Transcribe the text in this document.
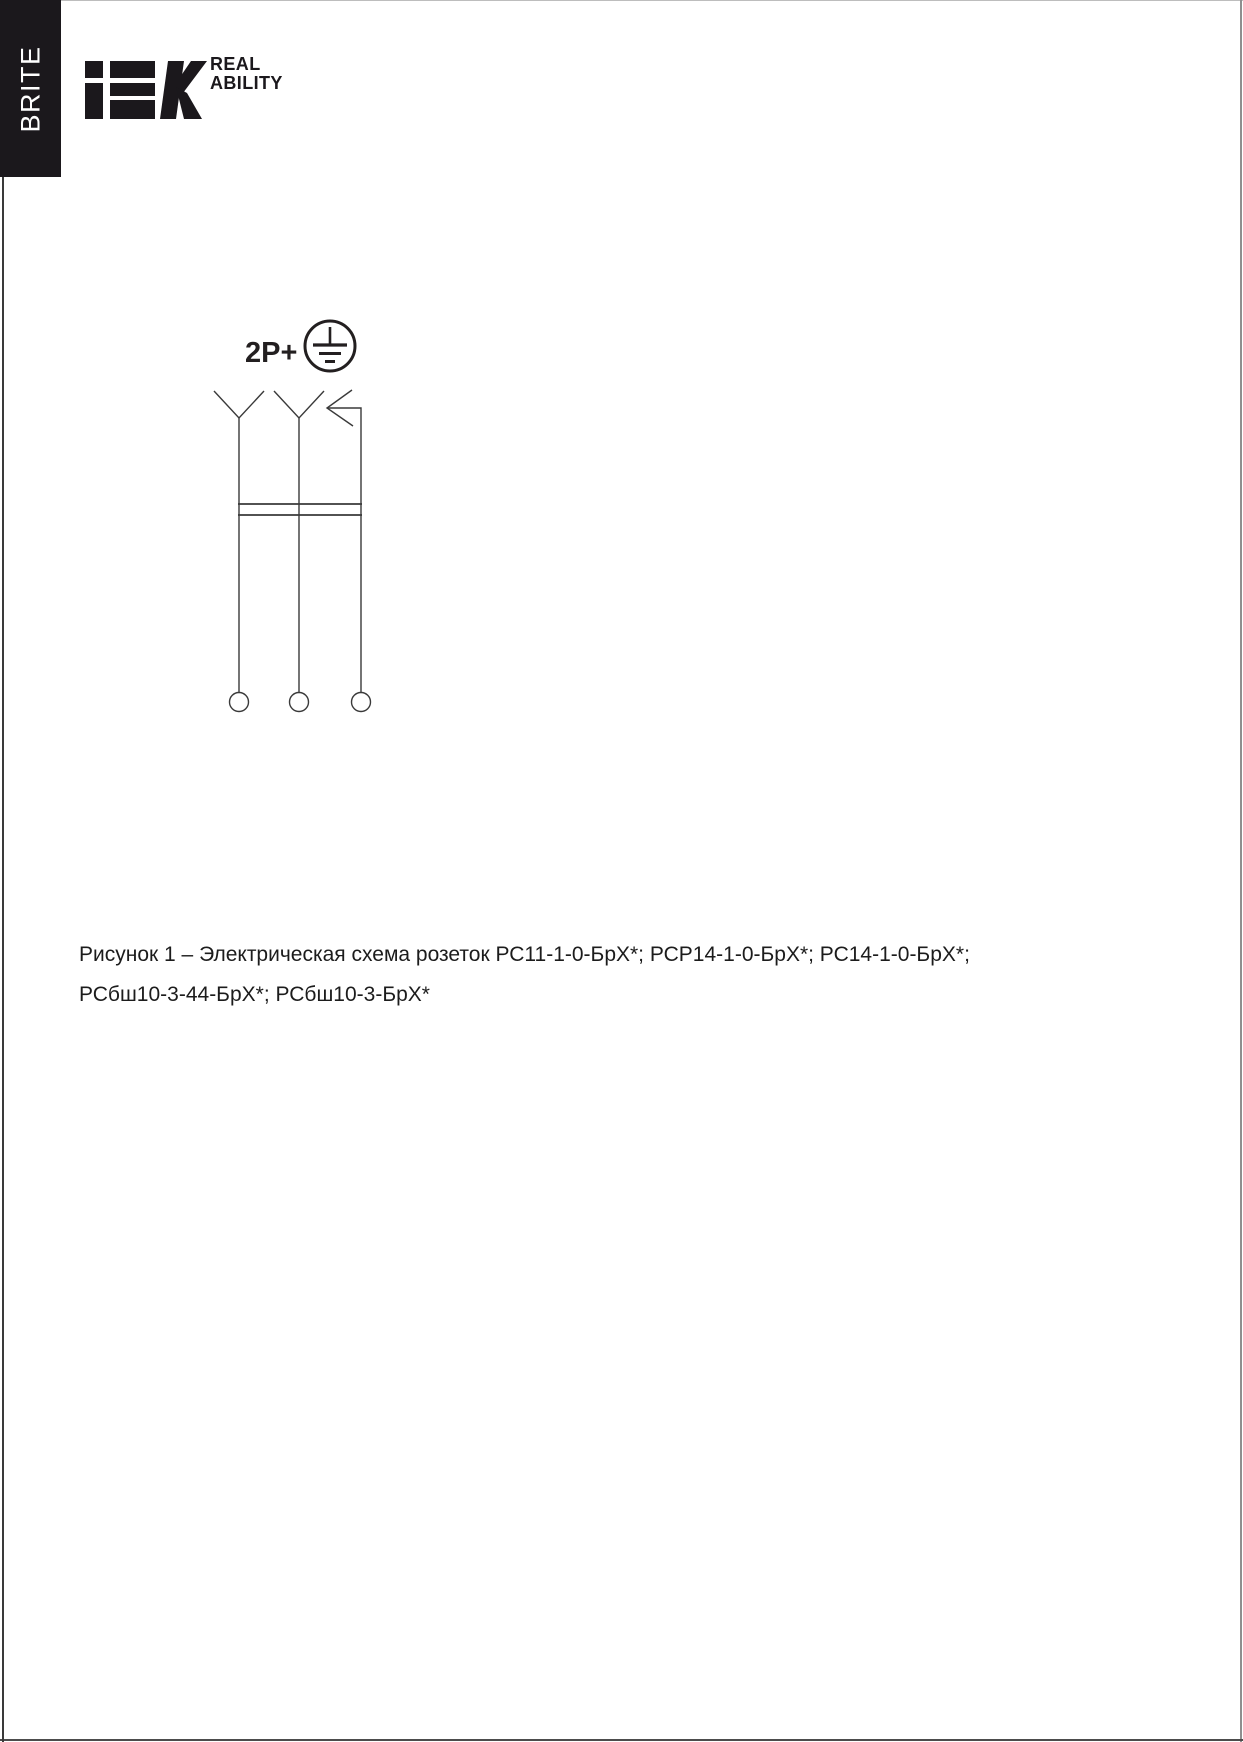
BRITE	REAL
ABILITY
2P+
Рисунок 1 – Электрическая схема розеток РС11-1-0-БрХ*; РСР14-1-0-БрХ*; РС14-1-0-БрХ*;
РСбш10-3-44-БрХ*; РСбш10-3-БрХ*
